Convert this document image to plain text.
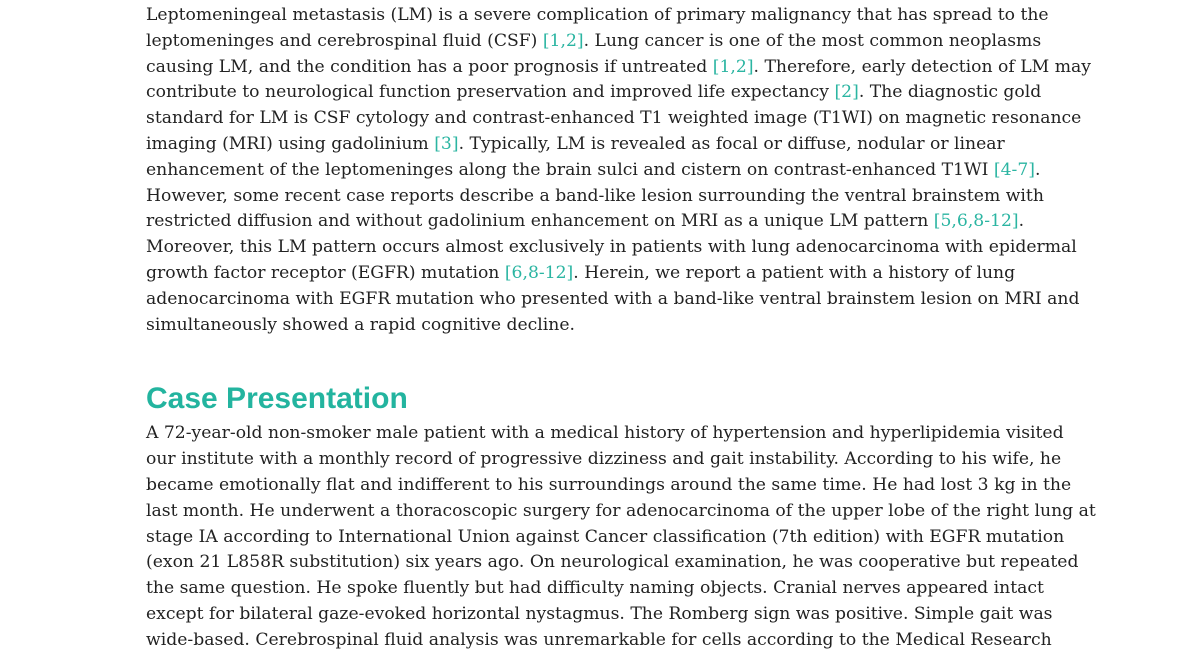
Leptomeningeal metastasis (LM) is a severe complication of primary malignancy that has spread to the
leptomeninges and cerebrospinal fluid (CSF) [1,2]. Lung cancer is one of the most common neoplasms
causing LM, and the condition has a poor prognosis if untreated [1,2]. Therefore, early detection of LM may
contribute to neurological function preservation and improved life expectancy [2]. The diagnostic gold
standard for LM is CSF cytology and contrast-enhanced T1 weighted image (T1WI) on magnetic resonance
imaging (MRI) using gadolinium [3]. Typically, LM is revealed as focal or diffuse, nodular or linear
enhancement of the leptomeninges along the brain sulci and cistern on contrast-enhanced T1WI [4-7].
However, some recent case reports describe a band-like lesion surrounding the ventral brainstem with
restricted diffusion and without gadolinium enhancement on MRI as a unique LM pattern [5,6,8-12].
Moreover, this LM pattern occurs almost exclusively in patients with lung adenocarcinoma with epidermal
growth factor receptor (EGFR) mutation [6,8-12]. Herein, we report a patient with a history of lung
adenocarcinoma with EGFR mutation who presented with a band-like ventral brainstem lesion on MRI and
simultaneously showed a rapid cognitive decline.

Case Presentation

A 72-year-old non-smoker male patient with a medical history of hypertension and hyperlipidemia visited
our institute with a monthly record of progressive dizziness and gait instability. According to his wife, he
became emotionally flat and indifferent to his surroundings around the same time. He had lost 3 kg in the
last month. He underwent a thoracoscopic surgery for adenocarcinoma of the upper lobe of the right lung at
stage IA according to International Union against Cancer classification (7th edition) with EGFR mutation
(exon 21 L858R substitution) six years ago. On neurological examination, he was cooperative but repeated
the same question. He spoke fluently but had difficulty naming objects. Cranial nerves appeared intact
except for bilateral gaze-evoked horizontal nystagmus. The Romberg sign was positive. Simple gait was
wide-based. Cerebrospinal fluid analysis was unremarkable for cells according to the Medical Research
